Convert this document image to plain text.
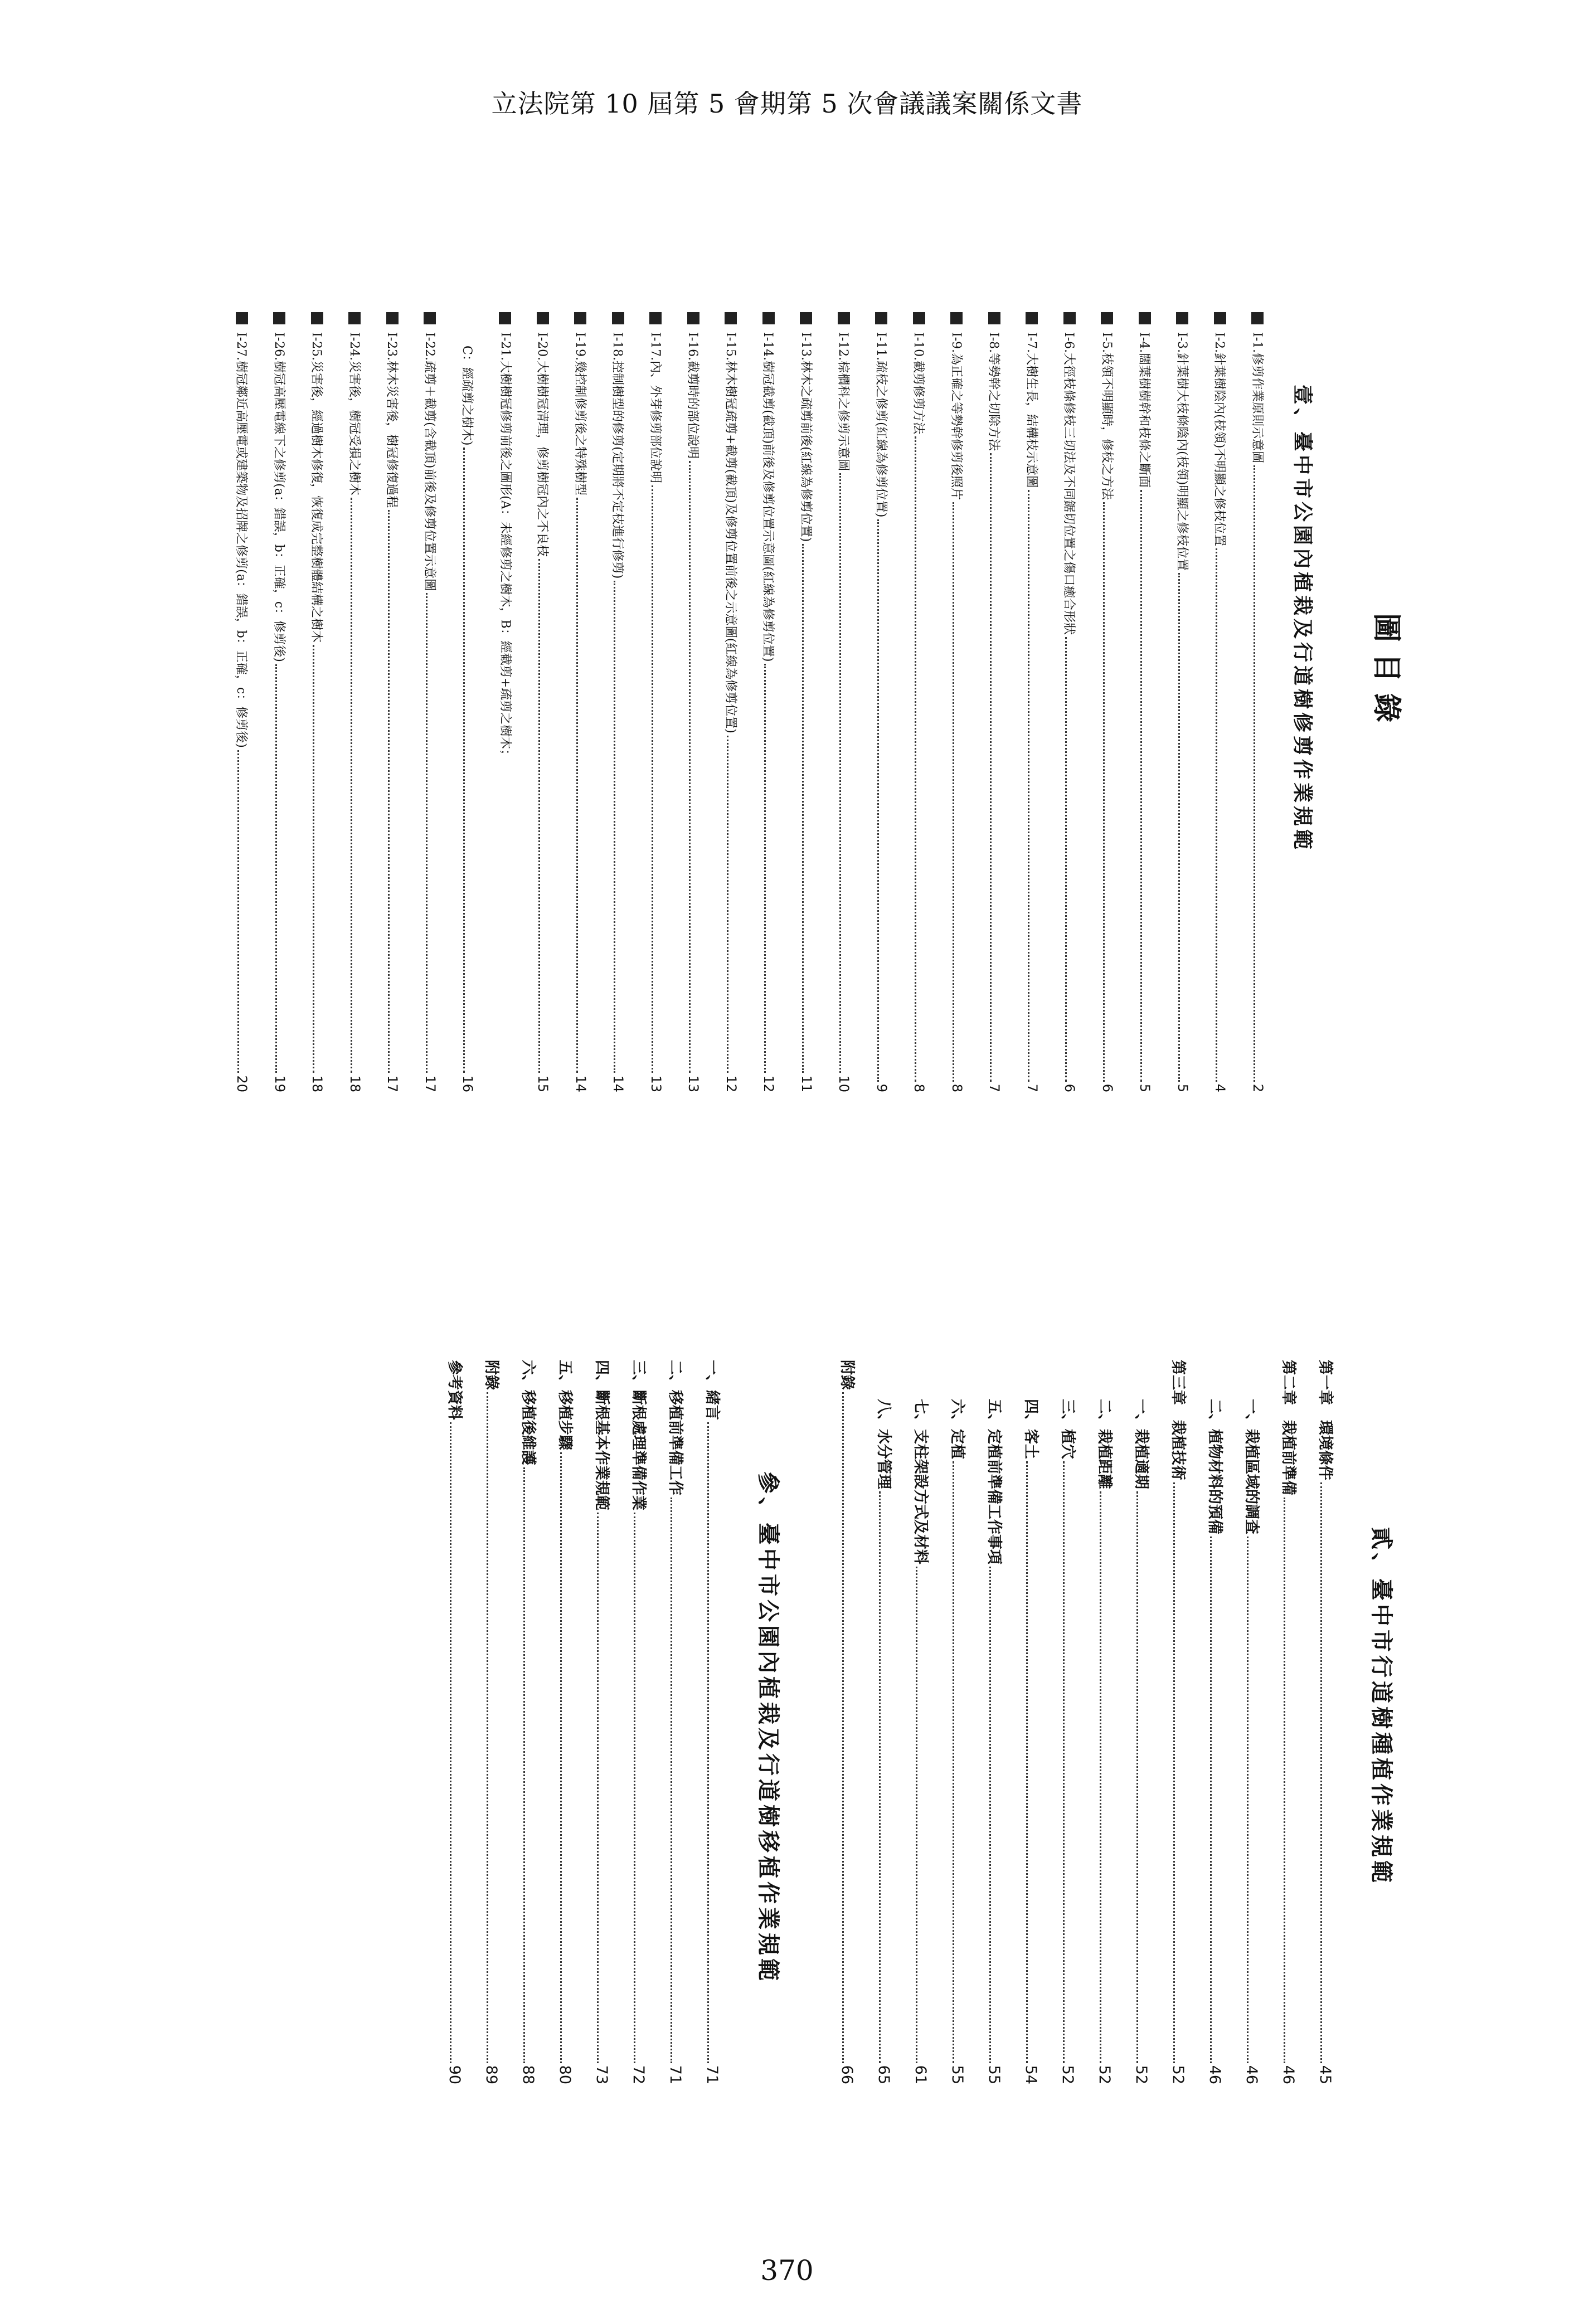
立法院第 10 屆第 5 會期第 5 次會議議案關係文書
圖目錄
壹、臺中市公園內植栽及行道樹修剪作業規範
I-1.修剪作業原則示意圖
2
I-2.針葉樹陰內(枝領)不明顯之修枝位置
4
I-3.針葉樹大枝條陰內(枝領)明顯之修枝位置
5
I-4.闊葉樹樹幹和枝條之斷面
5
I-5.枝領不明顯時，修枝之方法
6
I-6.大徑枝條修枝三切法及不同鋸切位置之傷口癒合形狀
6
I-7.大樹生長，結構枝示意圖
7
I-8.等勢幹之切除方法
7
I-9.為正確之等勢幹修剪後照片
8
I-10.截剪修剪方法
8
I-11.疏枝之修剪(紅線為修剪位置)
9
I-12.棕櫚科之修剪示意圖
10
I-13.林木之疏剪前後(紅線為修剪位置)
11
I-14.樹冠截剪(截頂)前後及修剪位置示意圖(紅線為修剪位置)
12
I-15.林木樹冠疏剪+截剪(截頂)及修剪位置前後之示意圖(紅線為修剪位置)
12
I-16.截剪時的部位說明
13
I-17.內、外芽修剪部位說明
13
I-18.控制樹型的修剪(定期將不定枝進行修剪)
14
I-19.幾控制修剪後之特殊樹型
14
I-20.大樹樹冠清理，修剪樹冠內之不良枝
15
I-21.大樹樹冠修剪前後之圖形(A：未經修剪之樹木，B：經截剪+疏剪之樹木；
C：經疏剪之樹木)
16
I-22.疏剪＋截剪(含截頂)前後及修剪位置示意圖
17
I-23.林木災害後，樹冠修復過程
17
I-24.災害後，樹冠受損之樹木
18
I-25.災害後，經過樹木修復，恢復成完整樹體結構之樹木
18
I-26.樹冠高壓電線下之修剪(a：錯誤，b：正確，c：修剪後)
19
I-27.樹冠鄰近高壓電或建築物及招牌之修剪(a：錯誤，b：正確，c：修剪後)
20
貳、臺中市行道樹種植作業規範
第一章　環境條件
45
第二章　栽植前準備
46
一、栽植區域的調查
46
二、植物材料的預備
46
第三章　栽植技術
52
一、栽植適期
52
二、栽植距離
52
三、植穴
52
四、客土
54
五、定植前準備工作事項
55
六、定植
55
七、支柱架設方式及材料
61
八、水分管理
65
附錄
66
參、臺中市公園內植栽及行道樹移植作業規範
一、緒言
71
二、移植前準備工作
71
三、斷根處理準備作業
72
四、斷根基本作業規範
73
五、移植步驟
80
六、移植後維護
88
附錄
89
參考資料
90
370
